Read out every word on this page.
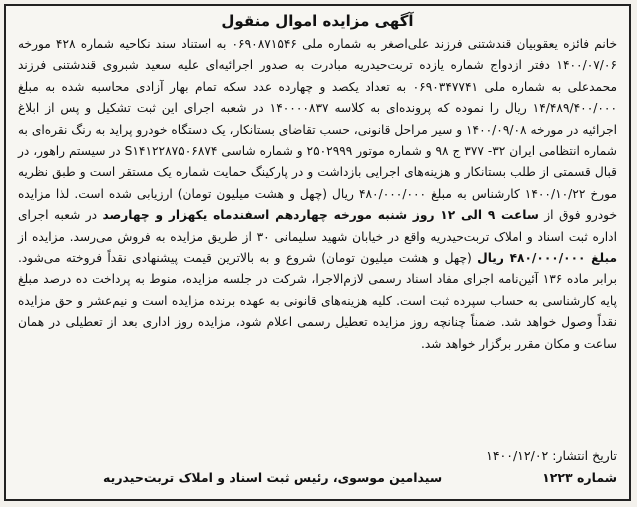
آگهی مزایده اموال منقول

خانم فائزه یعقوبیان قندشتنی فرزند علی‌اصغر به شماره ملی ۰۶۹۰۸۷۱۵۴۶ به استناد سند نکاحیه شماره ۴۲۸ مورخه ۱۴۰۰/۰۷/۰۶ دفتر ازدواج شماره یازده تربت‌حیدریه مبادرت به صدور اجرائیه‌ای علیه سعید شبروی قندشتنی فرزند محمدعلی به شماره ملی ۰۶۹۰۳۴۷۷۴۱ به تعداد یکصد و چهارده عدد سکه تمام بهار آزادی محاسبه شده به مبلغ ۱۴/۴۸۹/۴۰۰/۰۰۰ ریال را نموده که پرونده‌ای به کلاسه ۱۴۰۰۰۰۸۳۷ در شعبه اجرای این ثبت تشکیل و پس از ابلاغ اجرائیه در مورخه ۱۴۰۰/۰۹/۰۸ و سیر مراحل قانونی، حسب تقاضای بستانکار، یک دستگاه خودرو پراید به رنگ نقره‌ای به شماره انتظامی ایران ۳۲- ۳۷۷ ج ۹۸ و شماره موتور ۲۵۰۲۹۹۹ و شماره شاسی S۱۴۱۲۲۸۷۵۰۶۸۷۴ در سیستم راهور، در قبال قسمتی از طلب بستانکار و هزینه‌های اجرایی بازداشت و در پارکینگ حمایت شماره یک مستقر است و طبق نظریه مورخ ۱۴۰۰/۱۰/۲۲ کارشناس به مبلغ ۴۸۰/۰۰۰/۰۰۰ ریال (چهل و هشت میلیون تومان) ارزیابی شده است. لذا مزایده خودرو فوق از ساعت ۹ الی ۱۲ روز شنبه مورخه چهاردهم اسفندماه یکهزار و چهارصد در شعبه اجرای اداره ثبت اسناد و املاک تربت‌حیدریه واقع در خیابان شهید سلیمانی ۳۰ از طریق مزایده به فروش می‌رسد. مزایده از مبلغ ۴۸۰/۰۰۰/۰۰۰ ریال (چهل و هشت میلیون تومان) شروع و به بالاترین قیمت پیشنهادی نقداً فروخته می‌شود. برابر ماده ۱۳۶ آئین‌نامه اجرای مفاد اسناد رسمی لازم‌الاجرا، شرکت در جلسه مزایده، منوط به پرداخت ده درصد مبلغ پایه کارشناسی به حساب سپرده ثبت است. کلیه هزینه‌های قانونی به عهده برنده مزایده است و نیم‌عشر و حق مزایده نقداً وصول خواهد شد. ضمناً چنانچه روز مزایده تعطیل رسمی اعلام شود، مزایده روز اداری بعد از تعطیلی در همان ساعت و مکان مقرر برگزار خواهد شد.

تاریخ انتشار: ۱۴۰۰/۱۲/۰۲
شماره ۱۲۲۳
سیدامین موسوی، رئیس ثبت اسناد و املاک تربت‌حیدریه
